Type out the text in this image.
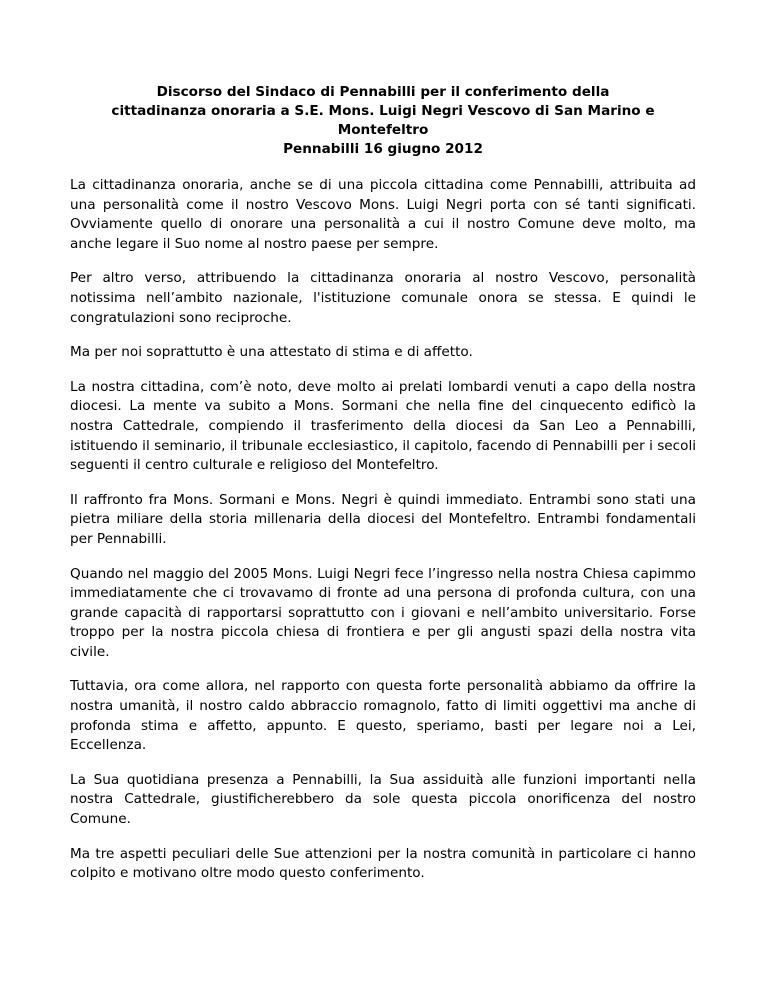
Discorso del Sindaco di Pennabilli per il conferimento della
cittadinanza onoraria a S.E. Mons. Luigi Negri Vescovo di San Marino e
Montefeltro
Pennabilli 16 giugno 2012

La cittadinanza onoraria, anche se di una piccola cittadina come Pennabilli, attribuita ad una personalità come il nostro Vescovo Mons. Luigi Negri porta con sé tanti significati. Ovviamente quello di onorare una personalità a cui il nostro Comune deve molto, ma anche legare il Suo nome al nostro paese per sempre.

Per altro verso, attribuendo la cittadinanza onoraria al nostro Vescovo, personalità notissima nell’ambito nazionale, l'istituzione comunale onora se stessa. E quindi le congratulazioni sono reciproche.

Ma per noi soprattutto è una attestato di stima e di affetto.

La nostra cittadina, com’è noto, deve molto ai prelati lombardi venuti a capo della nostra diocesi. La mente va subito a Mons. Sormani che nella fine del cinquecento edificò la nostra Cattedrale, compiendo il trasferimento della diocesi da San Leo a Pennabilli, istituendo il seminario, il tribunale ecclesiastico, il capitolo, facendo di Pennabilli per i secoli seguenti il centro culturale e religioso del Montefeltro.

Il raffronto fra Mons. Sormani e Mons. Negri è quindi immediato. Entrambi sono stati una pietra miliare della storia millenaria della diocesi del Montefeltro. Entrambi fondamentali per Pennabilli.

Quando nel maggio del 2005 Mons. Luigi Negri fece l’ingresso nella nostra Chiesa capimmo immediatamente che ci trovavamo di fronte ad una persona di profonda cultura, con una grande capacità di rapportarsi soprattutto con i giovani e nell’ambito universitario. Forse troppo per la nostra piccola chiesa di frontiera e per gli angusti spazi della nostra vita civile.

Tuttavia, ora come allora, nel rapporto con questa forte personalità abbiamo da offrire la nostra umanità, il nostro caldo abbraccio romagnolo, fatto di limiti oggettivi ma anche di profonda stima e affetto, appunto. E questo, speriamo, basti per legare noi a Lei, Eccellenza.

La Sua quotidiana presenza a Pennabilli, la Sua assiduità alle funzioni importanti nella nostra Cattedrale, giustificherebbero da sole questa piccola onorificenza del nostro Comune.

Ma tre aspetti peculiari delle Sue attenzioni per la nostra comunità in particolare ci hanno colpito e motivano oltre modo questo conferimento.
